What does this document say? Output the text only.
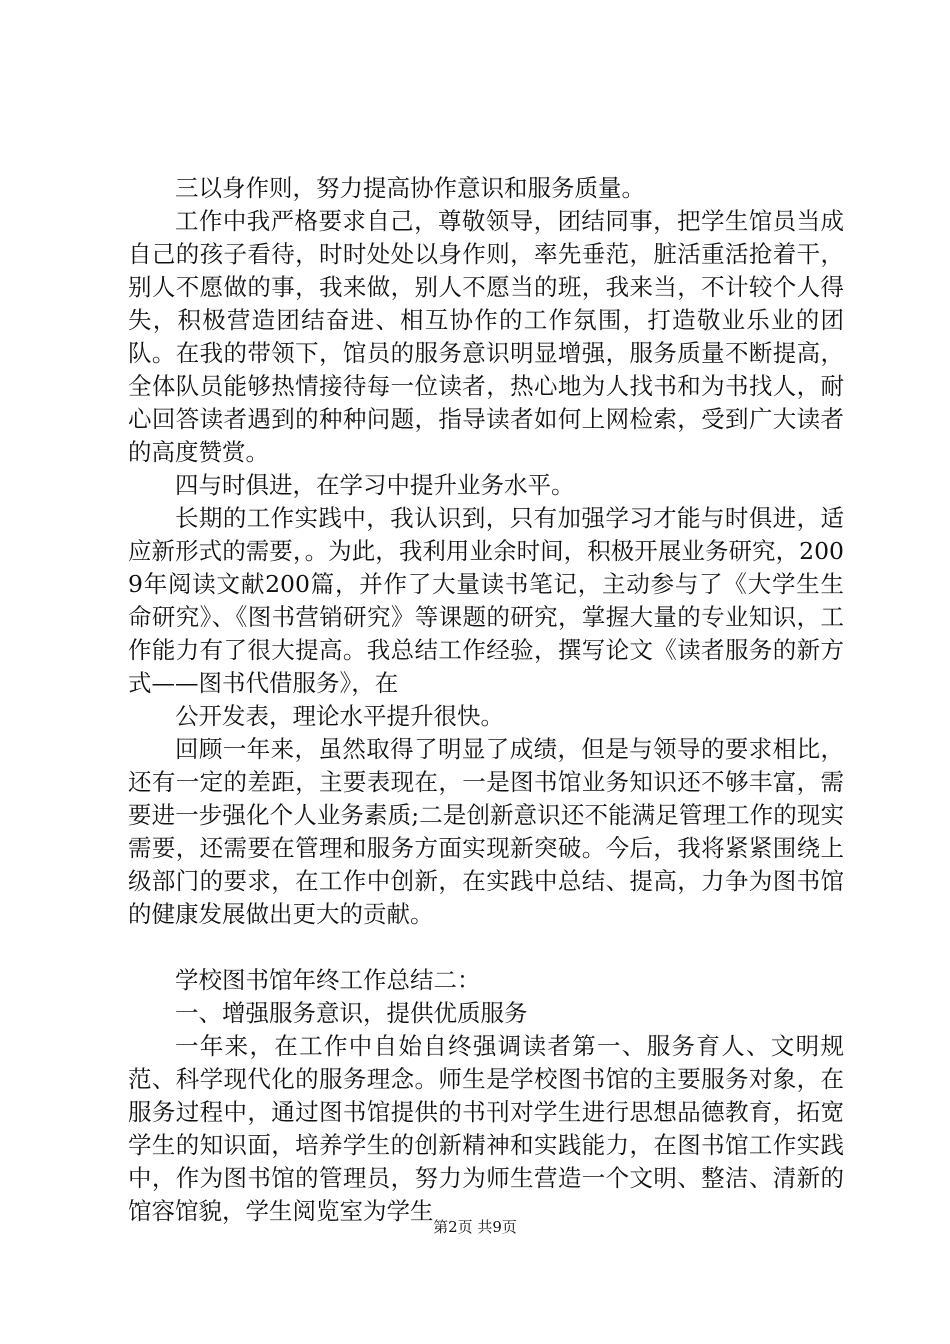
三以身作则，努力提高协作意识和服务质量。

工作中我严格要求自己，尊敬领导，团结同事，把学生馆员当成自己的孩子看待，时时处处以身作则，率先垂范，脏活重活抢着干，别人不愿做的事，我来做，别人不愿当的班，我来当，不计较个人得失，积极营造团结奋进、相互协作的工作氛围，打造敬业乐业的团队。在我的带领下，馆员的服务意识明显增强，服务质量不断提高，全体队员能够热情接待每一位读者，热心地为人找书和为书找人，耐心回答读者遇到的种种问题，指导读者如何上网检索，受到广大读者的高度赞赏。

四与时俱进，在学习中提升业务水平。

长期的工作实践中，我认识到，只有加强学习才能与时俱进，适应新形式的需要，。为此，我利用业余时间，积极开展业务研究，2009年阅读文献200篇，并作了大量读书笔记，主动参与了《大学生生命研究》、《图书营销研究》等课题的研究，掌握大量的专业知识，工作能力有了很大提高。我总结工作经验，撰写论文《读者服务的新方式——图书代借服务》，在

公开发表，理论水平提升很快。

回顾一年来，虽然取得了明显了成绩，但是与领导的要求相比，还有一定的差距，主要表现在，一是图书馆业务知识还不够丰富，需要进一步强化个人业务素质;二是创新意识还不能满足管理工作的现实需要，还需要在管理和服务方面实现新突破。今后，我将紧紧围绕上级部门的要求，在工作中创新，在实践中总结、提高，力争为图书馆的健康发展做出更大的贡献。

学校图书馆年终工作总结二：

一、增强服务意识，提供优质服务

一年来，在工作中自始自终强调读者第一、服务育人、文明规范、科学现代化的服务理念。师生是学校图书馆的主要服务对象，在服务过程中，通过图书馆提供的书刊对学生进行思想品德教育，拓宽学生的知识面，培养学生的创新精神和实践能力，在图书馆工作实践中，作为图书馆的管理员，努力为师生营造一个文明、整洁、清新的馆容馆貌，学生阅览室为学生

第2页 共9页
